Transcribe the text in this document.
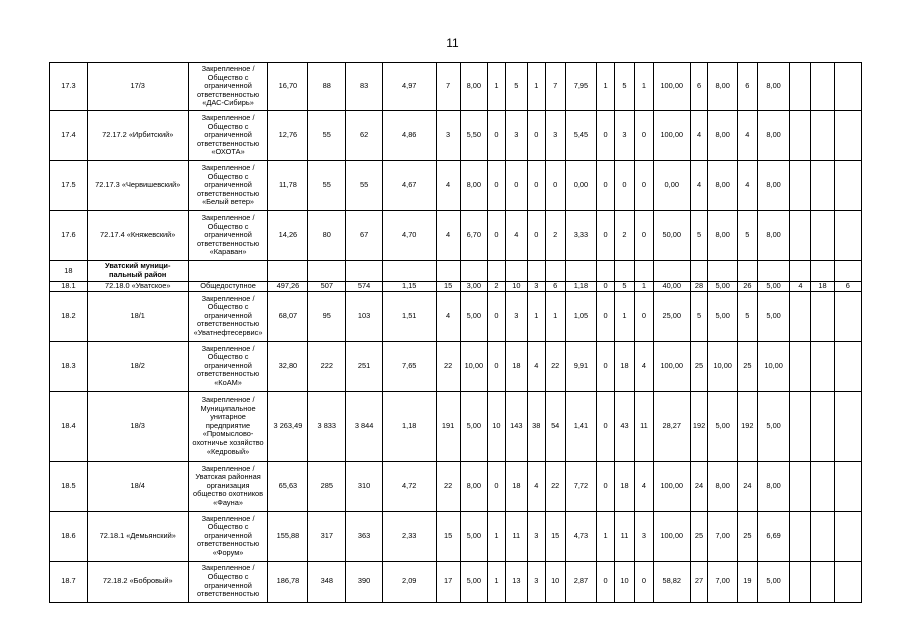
11
17.3	17/3	Закрепленное / Общество с ограниченной ответственностью «ДАС-Сибирь»	16,70	88	83	4,97	7	8,00	1	5	1	7	7,95	1	5	1	100,00	6	8,00	6	8,00			
17.4	72.17.2 «Ирбитский»	Закрепленное / Общество с ограниченной ответственностью «ОХОТА»	12,76	55	62	4,86	3	5,50	0	3	0	3	5,45	0	3	0	100,00	4	8,00	4	8,00			
17.5	72.17.3 «Червишевский»	Закрепленное / Общество с ограниченной ответственностью «Белый ветер»	11,78	55	55	4,67	4	8,00	0	0	0	0	0,00	0	0	0	0,00	4	8,00	4	8,00			
17.6	72.17.4 «Княжевский»	Закрепленное / Общество с ограниченной ответственностью «Караван»	14,26	80	67	4,70	4	6,70	0	4	0	2	3,33	0	2	0	50,00	5	8,00	5	8,00			
18	Уватский муници-пальный район																							
18.1	72.18.0 «Уватское»	Общедоступное	497,26	507	574	1,15	15	3,00	2	10	3	6	1,18	0	5	1	40,00	28	5,00	26	5,00	4	18	6
18.2	18/1	Закрепленное / Общество с ограниченной ответственностью «Уватнефтесервис»	68,07	95	103	1,51	4	5,00	0	3	1	1	1,05	0	1	0	25,00	5	5,00	5	5,00			
18.3	18/2	Закрепленное / Общество с ограниченной ответственностью «КоАМ»	32,80	222	251	7,65	22	10,00	0	18	4	22	9,91	0	18	4	100,00	25	10,00	25	10,00			
18.4	18/3	Закрепленное / Муниципальное унитарное предприятие «Промыслово-охотничье хозяйство «Кедровый»	3 263,49	3 833	3 844	1,18	191	5,00	10	143	38	54	1,41	0	43	11	28,27	192	5,00	192	5,00			
18.5	18/4	Закрепленное / Уватская районная организация общество охотников «Фауна»	65,63	285	310	4,72	22	8,00	0	18	4	22	7,72	0	18	4	100,00	24	8,00	24	8,00			
18.6	72.18.1 «Демьянский»	Закрепленное / Общество с ограниченной ответственностью «Форум»	155,88	317	363	2,33	15	5,00	1	11	3	15	4,73	1	11	3	100,00	25	7,00	25	6,69			
18.7	72.18.2 «Бобровый»	Закрепленное / Общество с ограниченной ответственностью	186,78	348	390	2,09	17	5,00	1	13	3	10	2,87	0	10	0	58,82	27	7,00	19	5,00			
